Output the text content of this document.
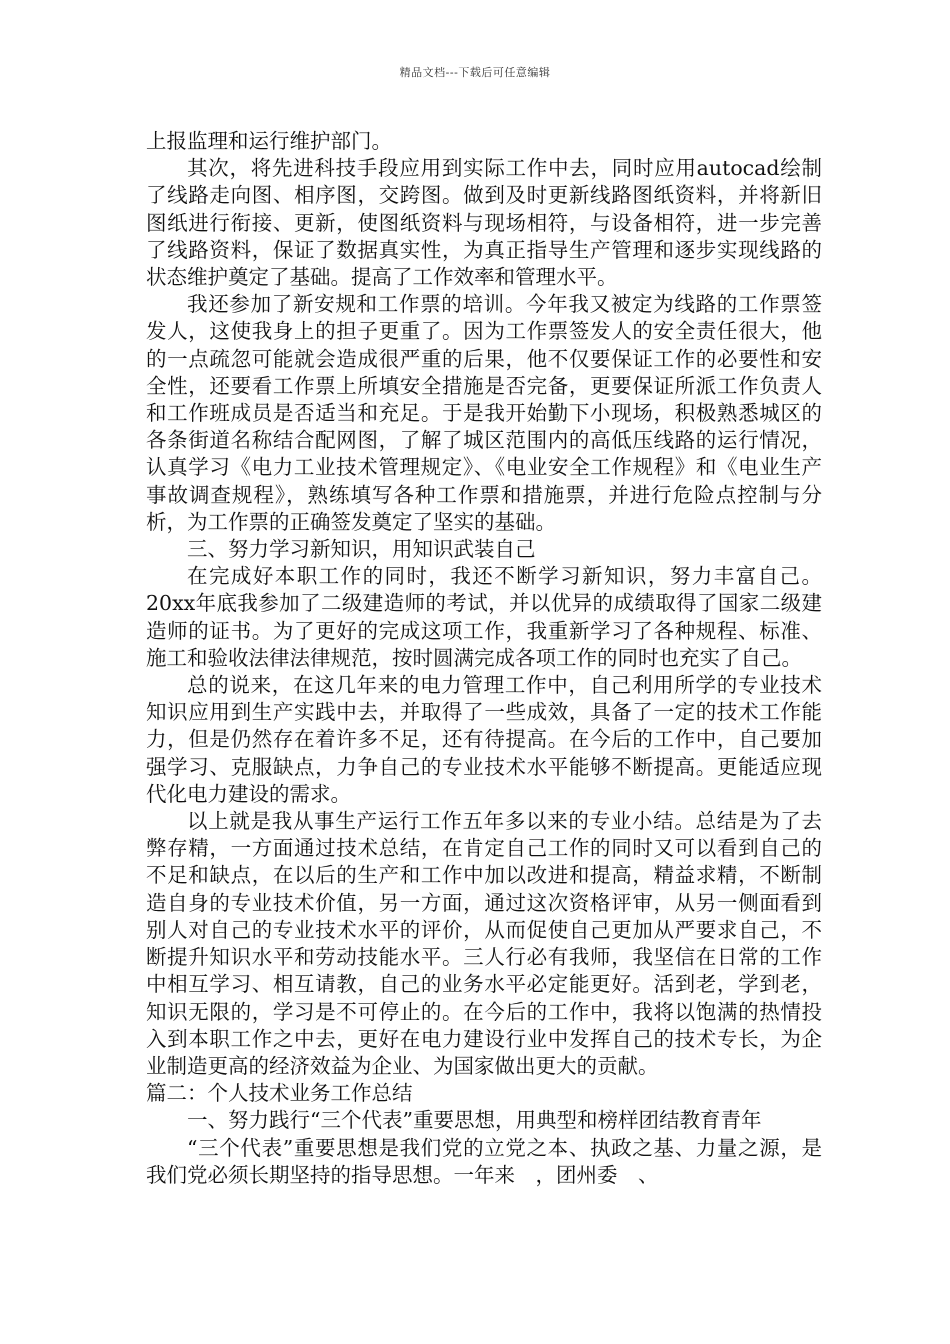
精品文档---下载后可任意编辑

上报监理和运行维护部门。

其次，将先进科技手段应用到实际工作中去，同时应用autocad绘制了线路走向图、相序图，交跨图。做到及时更新线路图纸资料，并将新旧图纸进行衔接、更新，使图纸资料与现场相符，与设备相符，进一步完善了线路资料，保证了数据真实性，为真正指导生产管理和逐步实现线路的状态维护奠定了基础。提高了工作效率和管理水平。

我还参加了新安规和工作票的培训。今年我又被定为线路的工作票签发人，这使我身上的担子更重了。因为工作票签发人的安全责任很大，他的一点疏忽可能就会造成很严重的后果，他不仅要保证工作的必要性和安全性，还要看工作票上所填安全措施是否完备，更要保证所派工作负责人和工作班成员是否适当和充足。于是我开始勤下小现场，积极熟悉城区的各条街道名称结合配网图，了解了城区范围内的高低压线路的运行情况，认真学习《电力工业技术管理规定》、《电业安全工作规程》和《电业生产事故调查规程》，熟练填写各种工作票和措施票，并进行危险点控制与分析，为工作票的正确签发奠定了坚实的基础。

三、努力学习新知识，用知识武装自己

在完成好本职工作的同时，我还不断学习新知识，努力丰富自己。20xx年底我参加了二级建造师的考试，并以优异的成绩取得了国家二级建造师的证书。为了更好的完成这项工作，我重新学习了各种规程、标准、施工和验收法律法律规范，按时圆满完成各项工作的同时也充实了自己。

总的说来，在这几年来的电力管理工作中，自己利用所学的专业技术知识应用到生产实践中去，并取得了一些成效，具备了一定的技术工作能力，但是仍然存在着许多不足，还有待提高。在今后的工作中，自己要加强学习、克服缺点，力争自己的专业技术水平能够不断提高。更能适应现代化电力建设的需求。

以上就是我从事生产运行工作五年多以来的专业小结。总结是为了去弊存精，一方面通过技术总结，在肯定自己工作的同时又可以看到自己的不足和缺点，在以后的生产和工作中加以改进和提高，精益求精，不断制造自身的专业技术价值，另一方面，通过这次资格评审，从另一侧面看到别人对自己的专业技术水平的评价，从而促使自己更加从严要求自己，不断提升知识水平和劳动技能水平。三人行必有我师，我坚信在日常的工作中相互学习、相互请教，自己的业务水平必定能更好。活到老，学到老，知识无限的，学习是不可停止的。在今后的工作中，我将以饱满的热情投入到本职工作之中去，更好在电力建设行业中发挥自己的技术专长，为企业制造更高的经济效益为企业、为国家做出更大的贡献。

篇二：个人技术业务工作总结

一、努力践行“三个代表”重要思想，用典型和榜样团结教育青年

“三个代表”重要思想是我们党的立党之本、执政之基、力量之源，是我们党必须长期坚持的指导思想。一年来　，团州委　、
